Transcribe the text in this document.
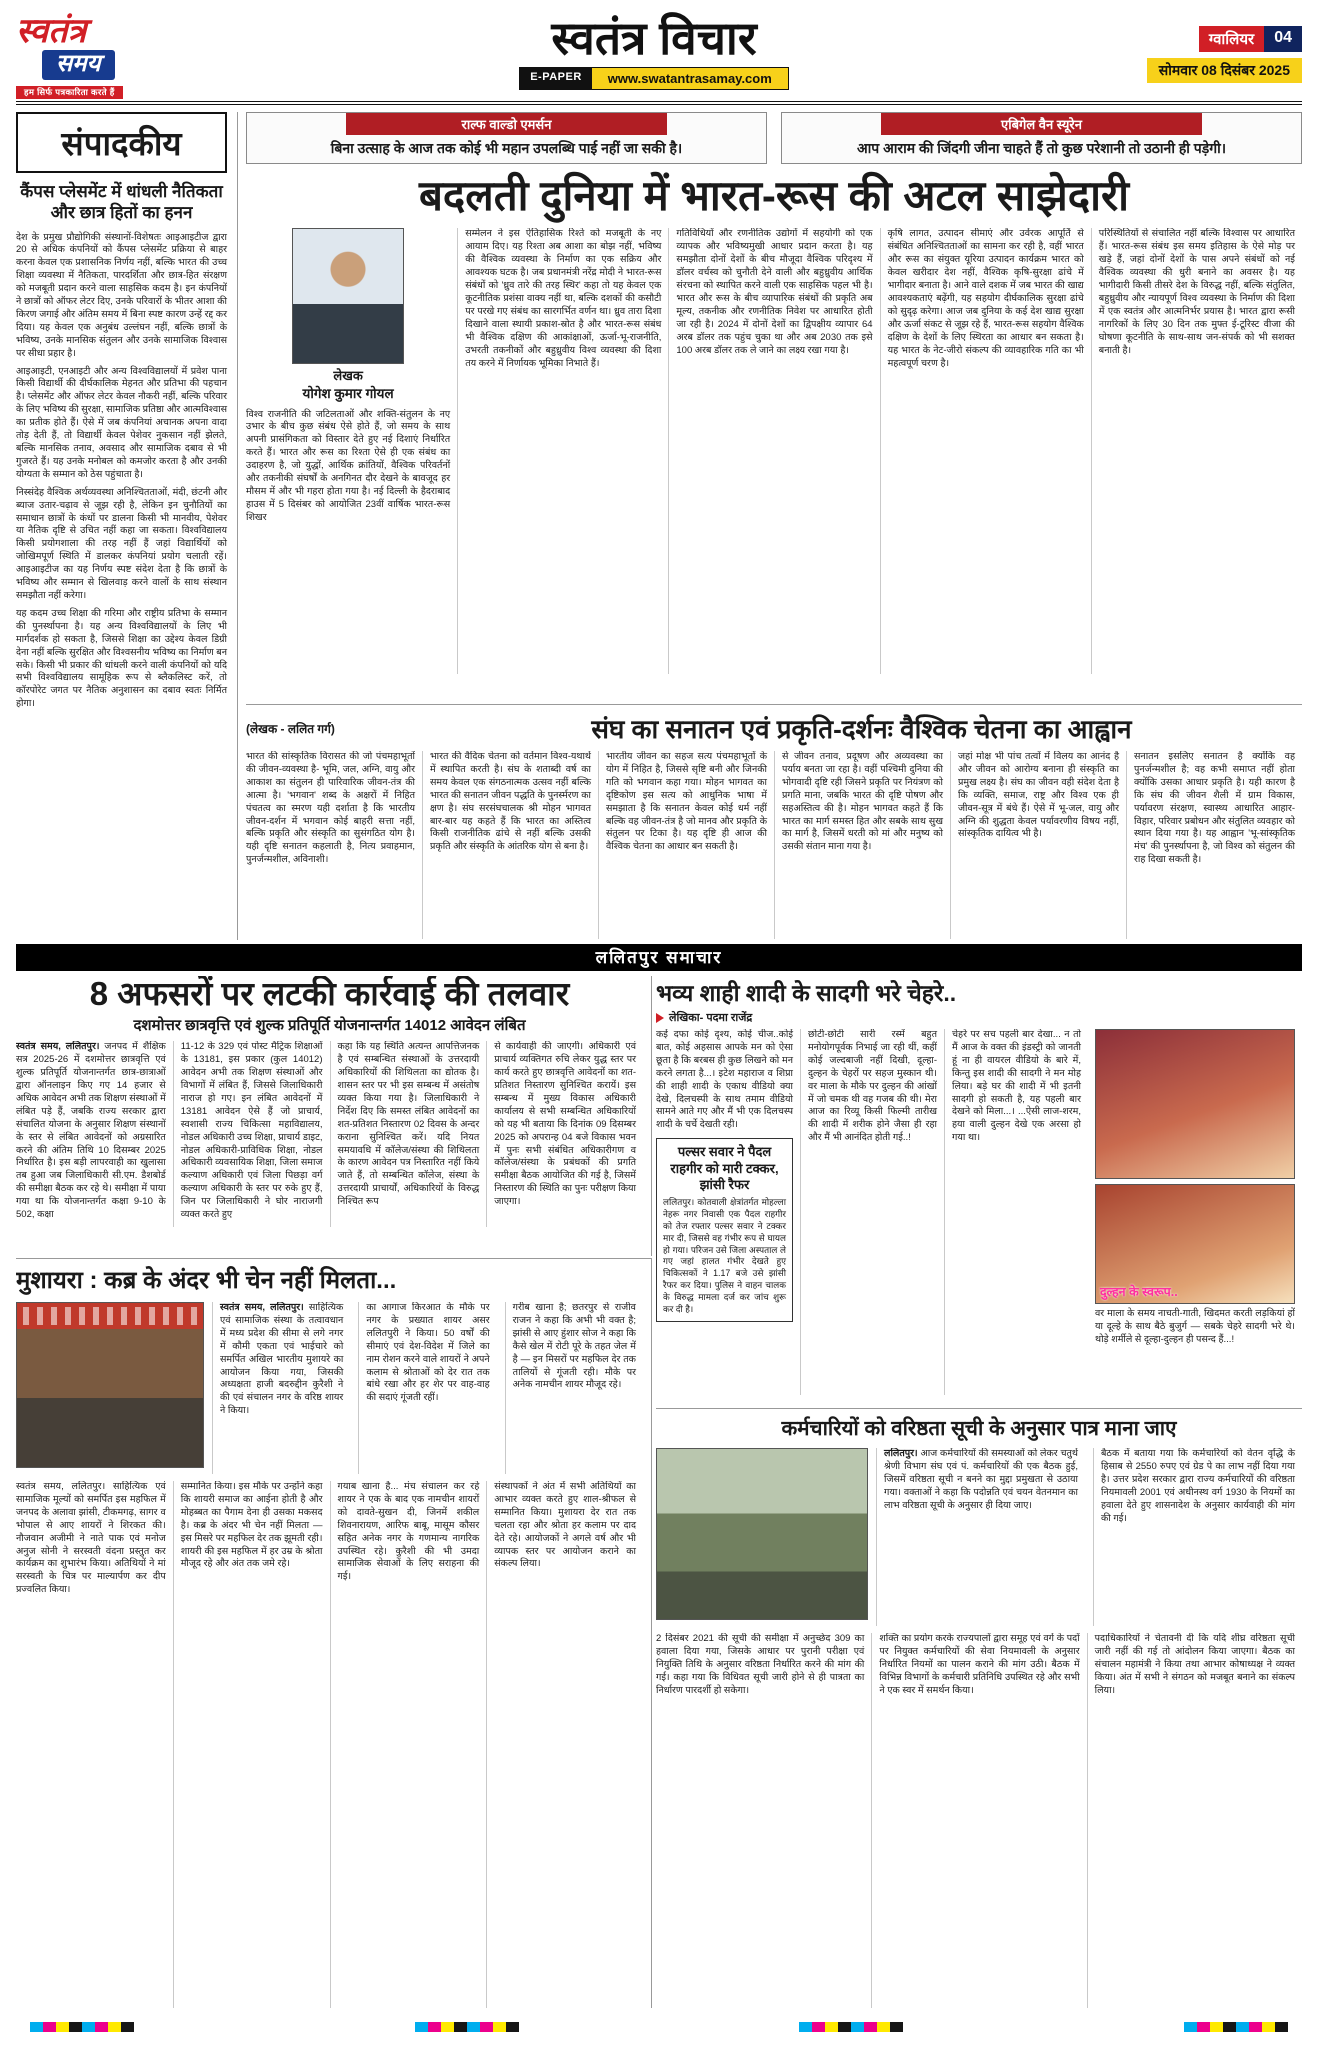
स्वतंत्र
समय
हम सिर्फ पत्रकारिता करते हैं
स्वतंत्र विचार
E-PAPER	www.swatantrasamay.com
ग्वालियर	04
सोमवार 08 दिसंबर 2025
संपादकीय
कैंपस प्लेसमेंट में धांधली नैतिकता और छात्र हितों का हनन

देश के प्रमुख प्रौद्योगिकी संस्थानों-विशेषतः आइआइटीज द्वारा 20 से अधिक कंपनियों को कैंपस प्लेसमेंट प्रक्रिया से बाहर करना केवल एक प्रशासनिक निर्णय नहीं, बल्कि भारत की उच्च शिक्षा व्यवस्था में नैतिकता, पारदर्शिता और छात्र-हित संरक्षण को मजबूती प्रदान करने वाला साहसिक कदम है। इन कंपनियों ने छात्रों को ऑफर लेटर दिए, उनके परिवारों के भीतर आशा की किरण जगाई और अंतिम समय में बिना स्पष्ट कारण उन्हें रद्द कर दिया। यह केवल एक अनुबंध उल्लंघन नहीं, बल्कि छात्रों के भविष्य, उनके मानसिक संतुलन और उनके सामाजिक विश्वास पर सीधा प्रहार है।

आइआइटी, एनआइटी और अन्य विश्वविद्यालयों में प्रवेश पाना किसी विद्यार्थी की दीर्घकालिक मेहनत और प्रतिभा की पहचान है। प्लेसमेंट और ऑफर लेटर केवल नौकरी नहीं, बल्कि परिवार के लिए भविष्य की सुरक्षा, सामाजिक प्रतिष्ठा और आत्मविश्वास का प्रतीक होते हैं। ऐसे में जब कंपनियां अचानक अपना वादा तोड़ देती हैं, तो विद्यार्थी केवल पेशेवर नुकसान नहीं झेलते, बल्कि मानसिक तनाव, अवसाद और सामाजिक दबाव से भी गुजरते हैं। यह उनके मनोबल को कमजोर करता है और उनकी योग्यता के सम्मान को ठेस पहुंचाता है।

निस्संदेह वैश्विक अर्थव्यवस्था अनिश्चितताओं, मंदी, छंटनी और ब्याज उतार-चढ़ाव से जूझ रही है, लेकिन इन चुनौतियों का समाधान छात्रों के कंधों पर डालना किसी भी मानवीय, पेशेवर या नैतिक दृष्टि से उचित नहीं कहा जा सकता। विश्वविद्यालय किसी प्रयोगशाला की तरह नहीं हैं जहां विद्यार्थियों को जोखिमपूर्ण स्थिति में डालकर कंपनियां प्रयोग चलाती रहें। आइआइटीज का यह निर्णय स्पष्ट संदेश देता है कि छात्रों के भविष्य और सम्मान से खिलवाड़ करने वालों के साथ संस्थान समझौता नहीं करेगा।

यह कदम उच्च शिक्षा की गरिमा और राष्ट्रीय प्रतिभा के सम्मान की पुनर्स्थापना है। यह अन्य विश्वविद्यालयों के लिए भी मार्गदर्शक हो सकता है, जिससे शिक्षा का उद्देश्य केवल डिग्री देना नहीं बल्कि सुरक्षित और विश्वसनीय भविष्य का निर्माण बन सके। किसी भी प्रकार की धांधली करने वाली कंपनियों को यदि सभी विश्वविद्यालय सामूहिक रूप से ब्लैकलिस्ट करें, तो कॉरपोरेट जगत पर नैतिक अनुशासन का दबाव स्वतः निर्मित होगा।

राल्फ वाल्डो एमर्सन
बिना उत्साह के आज तक कोई भी महान उपलब्धि पाई नहीं जा सकी है।
एबिगेल वैन स्यूरेन
आप आराम की जिंदगी जीना चाहते हैं तो कुछ परेशानी तो उठानी ही पड़ेगी।
बदलती दुनिया में भारत-रूस की अटल साझेदारी
लेखक
योगेश कुमार गोयल
विश्व राजनीति की जटिलताओं और शक्ति-संतुलन के नए उभार के बीच कुछ संबंध ऐसे होते हैं, जो समय के साथ अपनी प्रासंगिकता को विस्तार देते हुए नई दिशाएं निर्धारित करते हैं। भारत और रूस का रिश्ता ऐसे ही एक संबंध का उदाहरण है, जो युद्धों, आर्थिक क्रांतियों, वैश्विक परिवर्तनों और तकनीकी संघर्षों के अनगिनत दौर देखने के बावजूद हर मौसम में और भी गहरा होता गया है। नई दिल्ली के हैदराबाद हाउस में 5 दिसंबर को आयोजित 23वीं वार्षिक भारत-रूस शिखर
सम्मेलन ने इस ऐतिहासिक रिश्ते को मजबूती के नए आयाम दिए। यह रिश्ता अब आशा का बोझ नहीं, भविष्य की वैश्विक व्यवस्था के निर्माण का एक सक्रिय और आवश्यक घटक है। जब प्रधानमंत्री नरेंद्र मोदी ने भारत-रूस संबंधों को 'ध्रुव तारे की तरह स्थिर' कहा तो यह केवल एक कूटनीतिक प्रशंसा वाक्य नहीं था, बल्कि दशकों की कसौटी पर परखे गए संबंध का सारगर्भित वर्णन था। ध्रुव तारा दिशा दिखाने वाला स्थायी प्रकाश-स्रोत है और भारत-रूस संबंध भी वैश्विक दक्षिण की आकांक्षाओं, ऊर्जा-भू-राजनीति, उभरती तकनीकों और बहुध्रुवीय विश्व व्यवस्था की दिशा तय करने में निर्णायक भूमिका निभाते हैं।
गतिविधियों और रणनीतिक उद्योगों में सहयोगी को एक व्यापक और भविष्यमुखी आधार प्रदान करता है। यह समझौता दोनों देशों के बीच मौजूदा वैश्विक परिदृश्य में डॉलर वर्चस्व को चुनौती देने वाली और बहुध्रुवीय आर्थिक संरचना को स्थापित करने वाली एक साहसिक पहल भी है। भारत और रूस के बीच व्यापारिक संबंधों की प्रकृति अब मूल्य, तकनीक और रणनीतिक निवेश पर आधारित होती जा रही है। 2024 में दोनों देशों का द्विपक्षीय व्यापार 64 अरब डॉलर तक पहुंच चुका था और अब 2030 तक इसे 100 अरब डॉलर तक ले जाने का लक्ष्य रखा गया है।
कृषि लागत, उत्पादन सीमाएं और उर्वरक आपूर्ति से संबंधित अनिश्चितताओं का सामना कर रही है, वहीं भारत और रूस का संयुक्त यूरिया उत्पादन कार्यक्रम भारत को केवल खरीदार देश नहीं, वैश्विक कृषि-सुरक्षा ढांचे में भागीदार बनाता है। आने वाले दशक में जब भारत की खाद्य आवश्यकताएं बढ़ेंगी, यह सहयोग दीर्घकालिक सुरक्षा ढांचे को सुदृढ़ करेगा। आज जब दुनिया के कई देश खाद्य सुरक्षा और ऊर्जा संकट से जूझ रहे हैं, भारत-रूस सहयोग वैश्विक दक्षिण के देशों के लिए स्थिरता का आधार बन सकता है। यह भारत के नेट-जीरो संकल्प की व्यावहारिक गति का भी महत्वपूर्ण चरण है।
परिस्थितियों से संचालित नहीं बल्कि विश्वास पर आधारित हैं। भारत-रूस संबंध इस समय इतिहास के ऐसे मोड़ पर खड़े हैं, जहां दोनों देशों के पास अपने संबंधों को नई वैश्विक व्यवस्था की धुरी बनाने का अवसर है। यह भागीदारी किसी तीसरे देश के विरुद्ध नहीं, बल्कि संतुलित, बहुध्रुवीय और न्यायपूर्ण विश्व व्यवस्था के निर्माण की दिशा में एक स्वतंत्र और आत्मनिर्भर प्रयास है। भारत द्वारा रूसी नागरिकों के लिए 30 दिन तक मुफ्त ई-टूरिस्ट वीजा की घोषणा कूटनीति के साथ-साथ जन-संपर्क को भी सशक्त बनाती है।
(लेखक - ललित गर्ग)	संघ का सनातन एवं प्रकृति-दर्शनः वैश्विक चेतना का आह्वान
भारत की सांस्कृतिक विरासत की जो पंचमहाभूतों की जीवन-व्यवस्था है- भूमि, जल, अग्नि, वायु और आकाश का संतुलन ही पारिवारिक जीवन-तंत्र की आत्मा है। 'भगवान' शब्द के अक्षरों में निहित पंचतत्व का स्मरण यही दर्शाता है कि भारतीय जीवन-दर्शन में भगवान कोई बाहरी सत्ता नहीं, बल्कि प्रकृति और संस्कृति का सुसंगठित योग है। यही दृष्टि सनातन कहलाती है, नित्य प्रवाहमान, पुनर्जन्मशील, अविनाशी।
भारत की वैदिक चेतना को वर्तमान विश्व-यथार्थ में स्थापित करती है। संघ के शताब्दी वर्ष का समय केवल एक संगठनात्मक उत्सव नहीं बल्कि भारत की सनातन जीवन पद्धति के पुनर्स्मरण का क्षण है। संघ सरसंघचालक श्री मोहन भागवत बार-बार यह कहते हैं कि भारत का अस्तित्व किसी राजनीतिक ढांचे से नहीं बल्कि उसकी प्रकृति और संस्कृति के आंतरिक योग से बना है।
भारतीय जीवन का सहज सत्य पंचमहाभूतों के योग में निहित है, जिससे सृष्टि बनी और जिनकी गति को भगवान कहा गया। मोहन भागवत का दृष्टिकोण इस सत्य को आधुनिक भाषा में समझाता है कि सनातन केवल कोई धर्म नहीं बल्कि वह जीवन-तंत्र है जो मानव और प्रकृति के संतुलन पर टिका है। यह दृष्टि ही आज की वैश्विक चेतना का आधार बन सकती है।
से जीवन तनाव, प्रदूषण और अव्यवस्था का पर्याय बनता जा रहा है। वहीं पश्चिमी दुनिया की भोगवादी दृष्टि रही जिसने प्रकृति पर नियंत्रण को प्रगति माना, जबकि भारत की दृष्टि पोषण और सहअस्तित्व की है। मोहन भागवत कहते हैं कि भारत का मार्ग समस्त हित और सबके साथ सुख का मार्ग है, जिसमें धरती को मां और मनुष्य को उसकी संतान माना गया है।
जहां मोक्ष भी पांच तत्वों में विलय का आनंद है और जीवन को आरोग्य बनाना ही संस्कृति का प्रमुख लक्ष्य है। संघ का जीवन वही संदेश देता है कि व्यक्ति, समाज, राष्ट्र और विश्व एक ही जीवन-सूत्र में बंधे हैं। ऐसे में भू-जल, वायु और अग्नि की शुद्धता केवल पर्यावरणीय विषय नहीं, सांस्कृतिक दायित्व भी है।
सनातन इसलिए सनातन है क्योंकि वह पुनर्जन्मशील है; वह कभी समाप्त नहीं होता क्योंकि उसका आधार प्रकृति है। यही कारण है कि संघ की जीवन शैली में ग्राम विकास, पर्यावरण संरक्षण, स्वास्थ्य आधारित आहार-विहार, परिवार प्रबोधन और संतुलित व्यवहार को स्थान दिया गया है। यह आह्वान 'भू-सांस्कृतिक मंच' की पुनर्स्थापना है, जो विश्व को संतुलन की राह दिखा सकती है।
ललितपुर समाचार
8 अफसरों पर लटकी कार्रवाई की तलवार
दशमोत्तर छात्रवृत्ति एवं शुल्क प्रतिपूर्ति योजनान्तर्गत 14012 आवेदन लंबित
स्वतंत्र समय, ललितपुर। जनपद में शैक्षिक सत्र 2025-26 में दशमोत्तर छात्रवृत्ति एवं शुल्क प्रतिपूर्ति योजनान्तर्गत छात्र-छात्राओं द्वारा ऑनलाइन किए गए 14 हजार से अधिक आवेदन अभी तक शिक्षण संस्थाओं में लंबित पड़े हैं, जबकि राज्य सरकार द्वारा संचालित योजना के अनुसार शिक्षण संस्थानों के स्तर से लंबित आवेदनों को अग्रसारित करने की अंतिम तिथि 10 दिसम्बर 2025 निर्धारित है। इस बड़ी लापरवाही का खुलासा तब हुआ जब जिलाधिकारी सी.एम. डैशबोर्ड की समीक्षा बैठक कर रहे थे। समीक्षा में पाया गया था कि योजनान्तर्गत कक्षा 9-10 के 502, कक्षा
11-12 के 329 एवं पोस्ट मैट्रिक शिक्षाओं के 13181, इस प्रकार (कुल 14012) आवेदन अभी तक शिक्षण संस्थाओं और विभागों में लंबित हैं, जिससे जिलाधिकारी नाराज हो गए। इन लंबित आवेदनों में 13181 आवेदन ऐसे हैं जो प्राचार्य, स्वशासी राज्य चिकित्सा महाविद्यालय, नोडल अधिकारी उच्च शिक्षा, प्राचार्य डाइट, नोडल अधिकारी-प्राविधिक शिक्षा, नोडल अधिकारी व्यवसायिक शिक्षा, जिला समाज कल्याण अधिकारी एवं जिला पिछड़ा वर्ग कल्याण अधिकारी के स्तर पर रुके हुए हैं, जिन पर जिलाधिकारी ने घोर नाराजगी व्यक्त करते हुए
कहा कि यह स्थिति अत्यन्त आपत्तिजनक है एवं सम्बन्धित संस्थाओं के उत्तरदायी अधिकारियों की शिथिलता का द्योतक है। शासन स्तर पर भी इस सम्बन्ध में असंतोष व्यक्त किया गया है। जिलाधिकारी ने निर्देश दिए कि समस्त लंबित आवेदनों का शत-प्रतिशत निस्तारण 02 दिवस के अन्दर कराना सुनिश्चित करें। यदि नियत समयावधि में कॉलेज/संस्था की शिथिलता के कारण आवेदन पत्र निस्तारित नहीं किये जाते हैं, तो सम्बन्धित कॉलेज, संस्था के उत्तरदायी प्राचार्यों, अधिकारियों के विरुद्ध निश्चित रूप
से कार्यवाही की जाएगी। अधिकारी एवं प्राचार्य व्यक्तिगत रुचि लेकर युद्ध स्तर पर कार्य करते हुए छात्रवृत्ति आवेदनों का शत-प्रतिशत निस्तारण सुनिश्चित करायें। इस सम्बन्ध में मुख्य विकास अधिकारी कार्यालय से सभी सम्बन्धित अधिकारियों को यह भी बताया कि दिनांक 09 दिसम्बर 2025 को अपरान्ह 04 बजे विकास भवन में पुनः सभी संबंधित अधिकारीगण व कॉलेज/संस्था के प्रबंधकों की प्रगति समीक्षा बैठक आयोजित की गई है, जिसमें निस्तारण की स्थिति का पुनः परीक्षण किया जाएगा।
मुशायरा : कब्र के अंदर भी चेन नहीं मिलता...
स्वतंत्र समय, ललितपुर। साहित्यिक एवं सामाजिक संस्था के तत्वावधान में मध्य प्रदेश की सीमा से लगे नगर में कौमी एकता एवं भाईचारे को समर्पित अखिल भारतीय मुशायरे का आयोजन किया गया, जिसकी अध्यक्षता हाजी बदरुद्दीन कुरैशी ने की एवं संचालन नगर के वरिष्ठ शायर ने किया।
का आगाज किरआत के मौके पर नगर के प्रख्यात शायर असर ललितपुरी ने किया। 50 वर्षों की सीमाएं एवं देश-विदेश में जिले का नाम रोशन करने वाले शायरों ने अपने कलाम से श्रोताओं को देर रात तक बांधे रखा और हर शेर पर वाह-वाह की सदाएं गूंजती रहीं।
गरीब खाना है; छतरपुर से राजीव राजन ने कहा कि अभी भी वक्त है; झांसी से आए हुंशार सोज ने कहा कि कैसे खेल में रोटी पूरे के तहत जेल में है — इन मिसरों पर महफिल देर तक तालियों से गूंजती रही। मौके पर अनेक नामचीन शायर मौजूद रहे।
स्वतंत्र समय, ललितपुर। साहित्यिक एवं सामाजिक मूल्यों को समर्पित इस महफिल में जनपद के अलावा झांसी, टीकमगढ़, सागर व भोपाल से आए शायरों ने शिरकत की। नौजवान अजीमी ने नाते पाक एवं मनोज अनुज सोनी ने सरस्वती वंदना प्रस्तुत कर कार्यक्रम का शुभारंभ किया। अतिथियों ने मां सरस्वती के चित्र पर माल्यार्पण कर दीप प्रज्वलित किया।
सम्मानित किया। इस मौके पर उन्होंने कहा कि शायरी समाज का आईना होती है और मोहब्बत का पैगाम देना ही उसका मकसद है। कब्र के अंदर भी चेन नहीं मिलता — इस मिसरे पर महफिल देर तक झूमती रही। शायरी की इस महफिल में हर उम्र के श्रोता मौजूद रहे और अंत तक जमे रहे।
गयाब खाना है... मंच संचालन कर रहे शायर ने एक के बाद एक नामचीन शायरों को दावते-सुखन दी, जिनमें शकील शिवनारायण, आरिफ बाबू, मासूम कौसर सहित अनेक नगर के गणमान्य नागरिक उपस्थित रहे। कुरैशी की भी उमदा सामाजिक सेवाओं के लिए सराहना की गई।
संस्थापकों ने अंत में सभी अतिथियों का आभार व्यक्त करते हुए शाल-श्रीफल से सम्मानित किया। मुशायरा देर रात तक चलता रहा और श्रोता हर कलाम पर दाद देते रहे। आयोजकों ने अगले वर्ष और भी व्यापक स्तर पर आयोजन कराने का संकल्प लिया।
भव्य शाही शादी के सादगी भरे चेहरे..
लेखिका- पदमा राजेंद्र
कई दफा कोई दृश्य, कोई चीज..कोई बात, कोई अहसास आपके मन को ऐसा छूता है कि बरबस ही कुछ लिखने को मन करने लगता है...। इटेश महाराज व शिप्रा की शाही शादी के एकाध वीडियो क्या देखे, दिलचस्पी के साथ तमाम वीडियो सामने आते गए और मैं भी एक दिलचस्प शादी के चर्चे देखती रही।
पल्सर सवार ने पैदल राहगीर को मारी टक्कर, झांसी रैफर
ललितपुर। कोतवाली क्षेत्रांतर्गत मोहल्ला नेहरू नगर निवासी एक पैदल राहगीर को तेज रफ्तार पल्सर सवार ने टक्कर मार दी, जिससे वह गंभीर रूप से घायल हो गया। परिजन उसे जिला अस्पताल ले गए जहां हालत गंभीर देखते हुए चिकित्सकों ने 1.17 बजे उसे झांसी रैफर कर दिया। पुलिस ने वाहन चालक के विरुद्ध मामला दर्ज कर जांच शुरू कर दी है।
छोटी-छोटी सारी रस्में बहुत मनोयोगपूर्वक निभाई जा रही थीं, कहीं कोई जल्दबाजी नहीं दिखी, दूल्हा-दुल्हन के चेहरों पर सहज मुस्कान थी। वर माला के मौके पर दुल्हन की आंखों में जो चमक थी वह गजब की थी। मेरा आज का रिव्यू किसी फिल्मी तारीख की शादी में शरीक होने जैसा ही रहा और मैं भी आनंदित होती गई..!
चेहरे पर सच पहली बार देखा... न तो मैं आज के वक्त की इंडस्ट्री को जानती हूं ना ही वायरल वीडियो के बारे में, किन्तु इस शादी की सादगी ने मन मोह लिया। बड़े घर की शादी में भी इतनी सादगी हो सकती है, यह पहली बार देखने को मिला...। ...ऐसी लाज-शरम, हया वाली दुल्हन देखे एक अरसा हो गया था।
दुल्हन के स्वरूप..
वर माला के समय नाचती-गाती, खिदमत करती लड़कियां हों या दूल्हे के साथ बैठे बुजुर्ग — सबके चेहरे सादगी भरे थे। थोड़े शर्मीले से दूल्हा-दुल्हन ही पसन्द हैं...!
कर्मचारियों को वरिष्ठता सूची के अनुसार पात्र माना जाए
ललितपुर। आज कर्मचारियों की समस्याओं को लेकर चतुर्थ श्रेणी विभाग संघ एवं पं. कर्मचारियों की एक बैठक हुई, जिसमें वरिष्ठता सूची न बनने का मुद्दा प्रमुखता से उठाया गया। वक्ताओं ने कहा कि पदोन्नति एवं चयन वेतनमान का लाभ वरिष्ठता सूची के अनुसार ही दिया जाए।
बैठक में बताया गया कि कर्मचारियों को वेतन वृद्धि के हिसाब से 2550 रुपए एवं ग्रेड पे का लाभ नहीं दिया गया है। उत्तर प्रदेश सरकार द्वारा राज्य कर्मचारियों की वरिष्ठता नियमावली 2001 एवं अधीनस्थ वर्ग 1930 के नियमों का हवाला देते हुए शासनादेश के अनुसार कार्यवाही की मांग की गई।
2 दिसंबर 2021 की सूची की समीक्षा में अनुच्छेद 309 का हवाला दिया गया, जिसके आधार पर पुरानी परीक्षा एवं नियुक्ति तिथि के अनुसार वरिष्ठता निर्धारित करने की मांग की गई। कहा गया कि विधिवत सूची जारी होने से ही पात्रता का निर्धारण पारदर्शी हो सकेगा।
शक्ति का प्रयोग करके राज्यपालों द्वारा समूह एवं वर्ग के पदों पर नियुक्त कर्मचारियों की सेवा नियमावली के अनुसार निर्धारित नियमों का पालन कराने की मांग उठी। बैठक में विभिन्न विभागों के कर्मचारी प्रतिनिधि उपस्थित रहे और सभी ने एक स्वर में समर्थन किया।
पदाधिकारियों ने चेतावनी दी कि यदि शीघ्र वरिष्ठता सूची जारी नहीं की गई तो आंदोलन किया जाएगा। बैठक का संचालन महामंत्री ने किया तथा आभार कोषाध्यक्ष ने व्यक्त किया। अंत में सभी ने संगठन को मजबूत बनाने का संकल्प लिया।
